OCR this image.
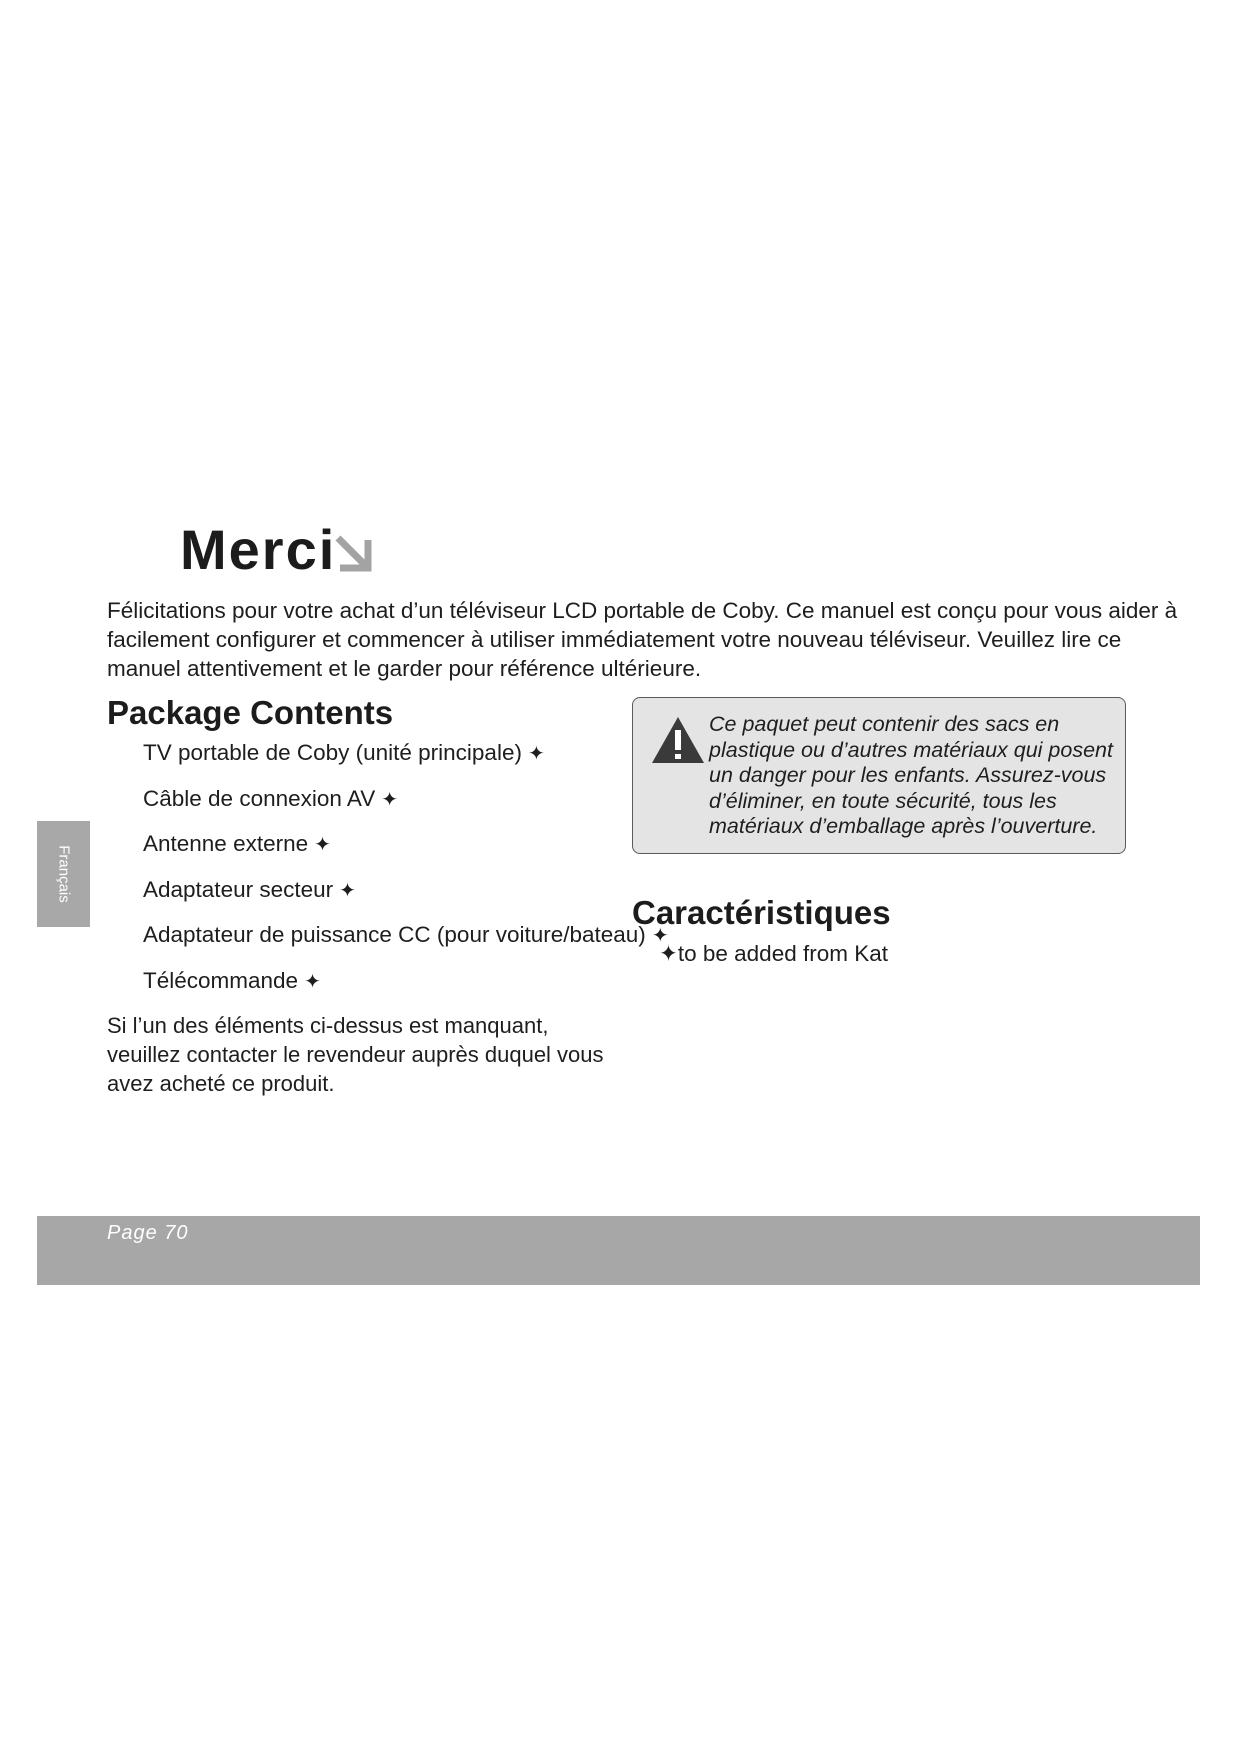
Merci

Félicitations pour votre achat d’un téléviseur LCD portable de Coby. Ce manuel est conçu pour vous aider à facilement configurer et commencer à utiliser immédiatement votre nouveau téléviseur. Veuillez lire ce manuel attentivement et le garder pour référence ultérieure.

Package Contents
TV portable de Coby (unité principale) ✦
Câble de connexion AV ✦
Antenne externe ✦
Adaptateur secteur ✦
Adaptateur de puissance CC (pour voiture/bateau) ✦
Télécommande ✦

Si l’un des éléments ci-dessus est manquant, veuillez contacter le revendeur auprès duquel vous avez acheté ce produit.

Ce paquet peut contenir des sacs en plastique ou d’autres matériaux qui posent un danger pour les enfants. Assurez-vous d’éliminer, en toute sécurité, tous les matériaux d’emballage après l’ouverture.

Caractéristiques

✦to be added from Kat

Français
Page 70
